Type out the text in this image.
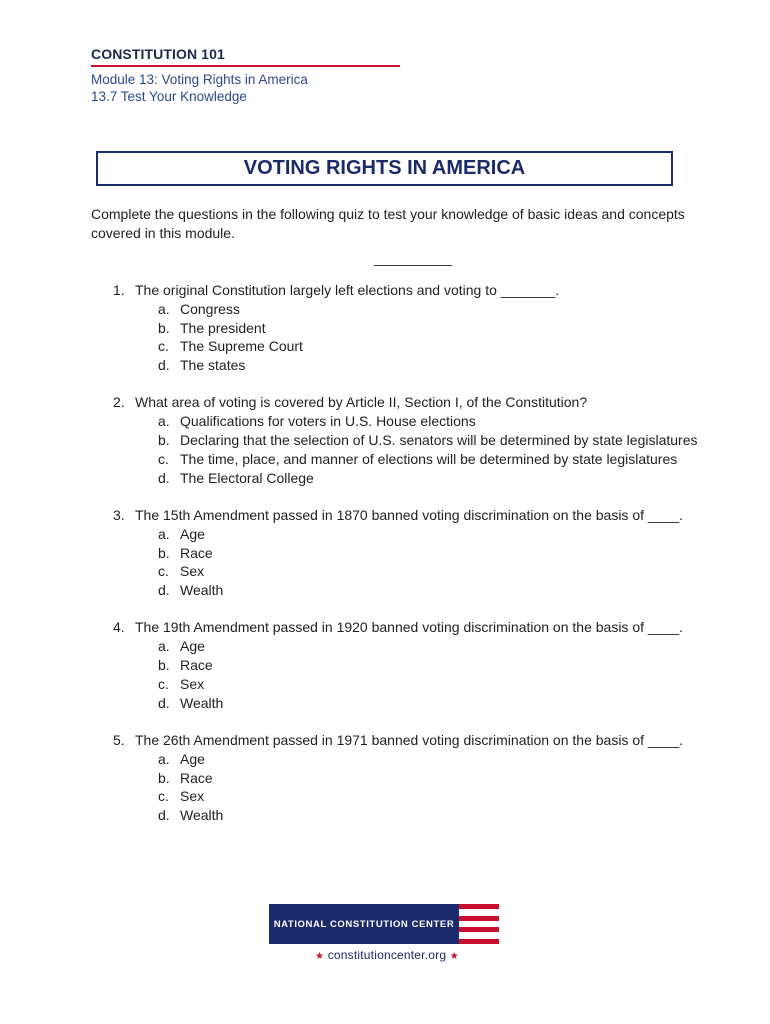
CONSTITUTION 101
Module 13: Voting Rights in America
13.7 Test Your Knowledge
VOTING RIGHTS IN AMERICA
Complete the questions in the following quiz to test your knowledge of basic ideas and concepts covered in this module.
__________
1. The original Constitution largely left elections and voting to _______.
a. Congress
b. The president
c. The Supreme Court
d. The states
2. What area of voting is covered by Article II, Section I, of the Constitution?
a. Qualifications for voters in U.S. House elections
b. Declaring that the selection of U.S. senators will be determined by state legislatures
c. The time, place, and manner of elections will be determined by state legislatures
d. The Electoral College
3. The 15th Amendment passed in 1870 banned voting discrimination on the basis of ____.
a. Age
b. Race
c. Sex
d. Wealth
4. The 19th Amendment passed in 1920 banned voting discrimination on the basis of ____.
a. Age
b. Race
c. Sex
d. Wealth
5. The 26th Amendment passed in 1971 banned voting discrimination on the basis of ____.
a. Age
b. Race
c. Sex
d. Wealth
NATIONAL CONSTITUTION CENTER
★ constitutioncenter.org ★
